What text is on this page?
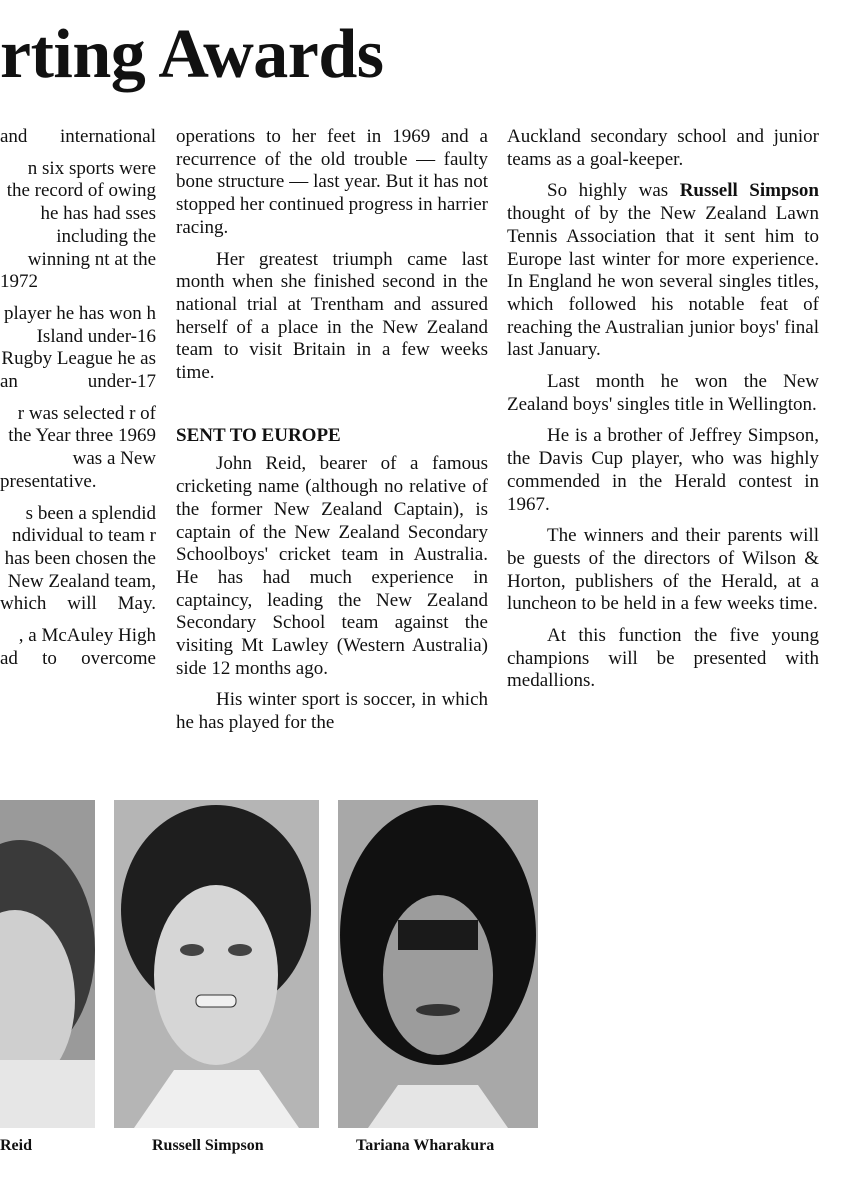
rting Awards

and international

n six sports were the record of owing he has had sses including the winning nt at the 1972

player he has won h Island under-16 Rugby League he as an under-17

r was selected r of the Year three 1969 was a New presentative.

s been a splendid ndividual to team r has been chosen the New Zealand team, which will May.

, a McAuley High ad to overcome

operations to her feet in 1969 and a recurrence of the old trouble — faulty bone structure — last year. But it has not stopped her continued progress in harrier racing.

Her greatest triumph came last month when she finished second in the national trial at Trentham and assured herself of a place in the New Zealand team to visit Britain in a few weeks time.

SENT TO EUROPE

John Reid, bearer of a famous cricketing name (although no relative of the former New Zealand Captain), is captain of the New Zealand Secondary Schoolboys' cricket team in Australia. He has had much experience in captaincy, leading the New Zealand Secondary School team against the visiting Mt Lawley (Western Australia) side 12 months ago.

His winter sport is soccer, in which he has played for the

Auckland secondary school and junior teams as a goal-keeper.

So highly was Russell Simpson thought of by the New Zealand Lawn Tennis Association that it sent him to Europe last winter for more experience. In England he won several singles titles, which followed his notable feat of reaching the Australian junior boys' final last January.

Last month he won the New Zealand boys' singles title in Wellington.

He is a brother of Jeffrey Simpson, the Davis Cup player, who was highly commended in the Herald contest in 1967.

The winners and their parents will be guests of the directors of Wilson & Horton, publishers of the Herald, at a luncheon to be held in a few weeks time.

At this function the five young champions will be presented with medallions.

Reid	Russell Simpson	Tariana Wharakura
